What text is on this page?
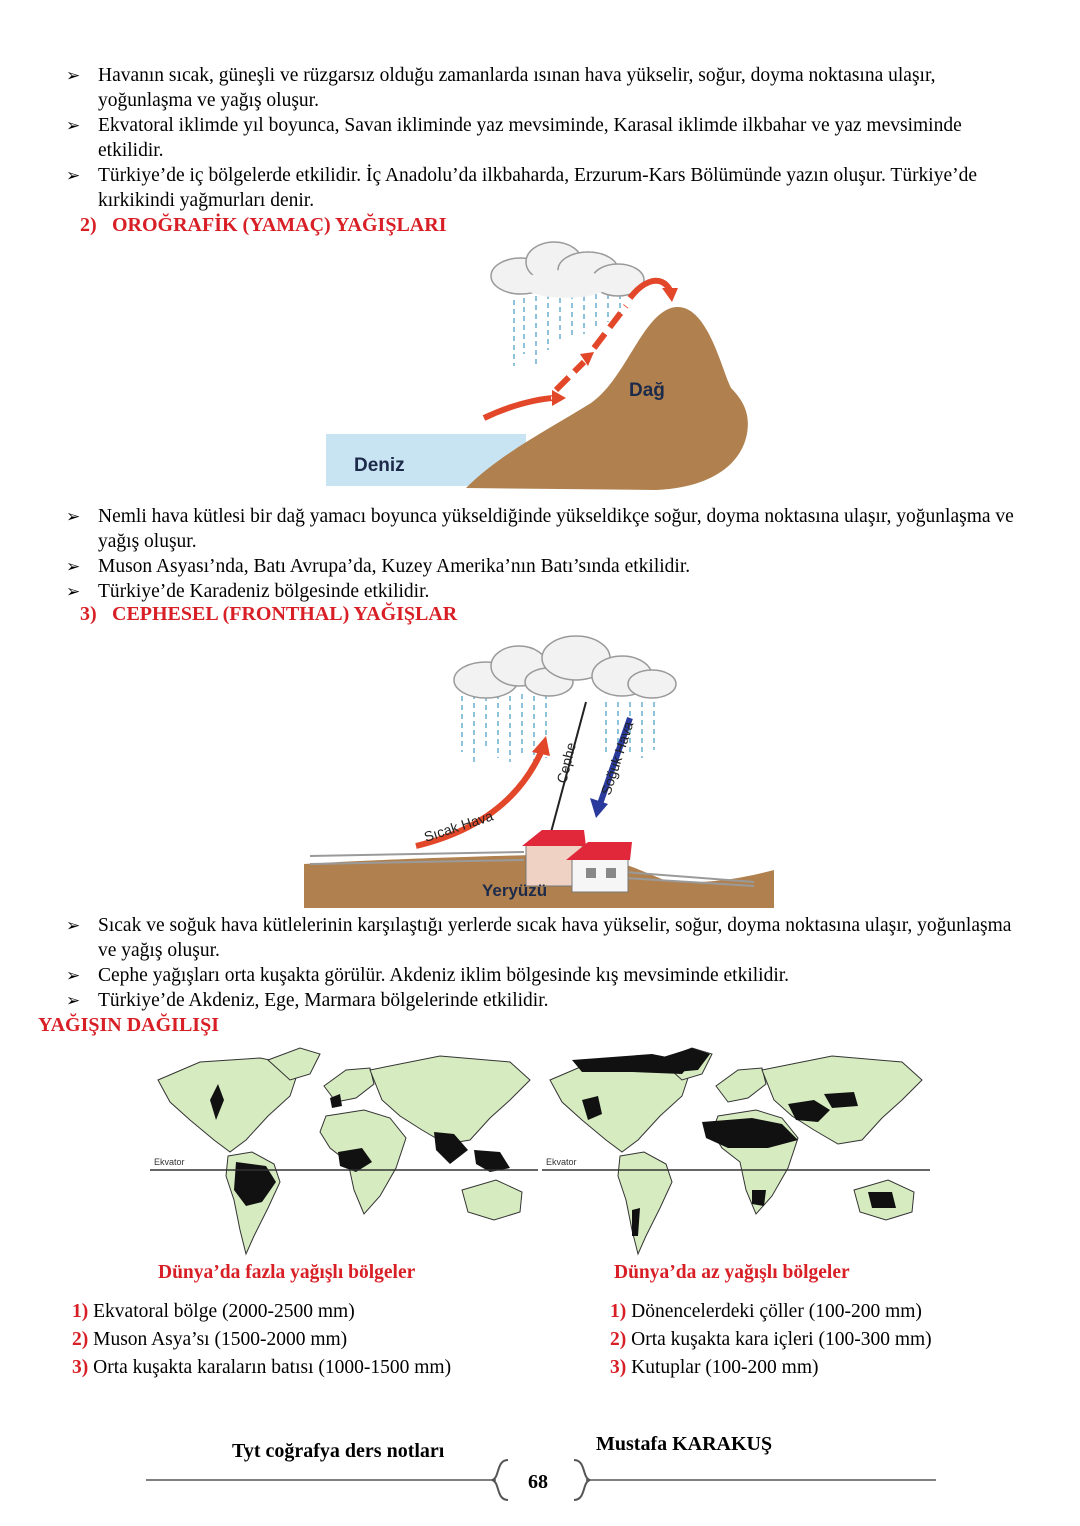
➢ Havanın sıcak, güneşli ve rüzgarsız olduğu zamanlarda ısınan hava yükselir, soğur, doyma noktasına ulaşır, yoğunlaşma ve yağış oluşur.
➢ Ekvatoral iklimde yıl boyunca, Savan ikliminde yaz mevsiminde, Karasal iklimde ilkbahar ve yaz mevsiminde etkilidir.
➢ Türkiye’de iç bölgelerde etkilidir. İç Anadolu’da ilkbaharda, Erzurum-Kars Bölümünde yazın oluşur. Türkiye’de kırkikindi yağmurları denir.
2) OROĞRAFİK (YAMAÇ) YAĞIŞLARI
Dağ
Deniz
➢ Nemli hava kütlesi bir dağ yamacı boyunca yükseldiğinde yükseldikçe soğur, doyma noktasına ulaşır, yoğunlaşma ve yağış oluşur.
➢ Muson Asyası’nda, Batı Avrupa’da, Kuzey Amerika’nın Batı’sında etkilidir.
➢ Türkiye’de Karadeniz bölgesinde etkilidir.
3) CEPHESEL (FRONTHAL) YAĞIŞLAR
Sıcak Hava
Cephe Soğuk Hava
Yeryüzü
➢ Sıcak ve soğuk hava kütlelerinin karşılaştığı yerlerde sıcak hava yükselir, soğur, doyma noktasına ulaşır, yoğunlaşma ve yağış oluşur.
➢ Cephe yağışları orta kuşakta görülür. Akdeniz iklim bölgesinde kış mevsiminde etkilidir.
➢ Türkiye’de Akdeniz, Ege, Marmara bölgelerinde etkilidir.
YAĞIŞIN DAĞILIŞI
Ekvator	Ekvator
Dünya’da fazla yağışlı bölgeler	Dünya’da az yağışlı bölgeler
1) Ekvatoral bölge (2000-2500 mm)
2) Muson Asya’sı (1500-2000 mm)
3) Orta kuşakta karaların batısı (1000-1500 mm)
1) Dönencelerdeki çöller (100-200 mm)
2) Orta kuşakta kara içleri (100-300 mm)
3) Kutuplar (100-200 mm)
Tyt coğrafya ders notları	Mustafa KARAKUŞ
68
